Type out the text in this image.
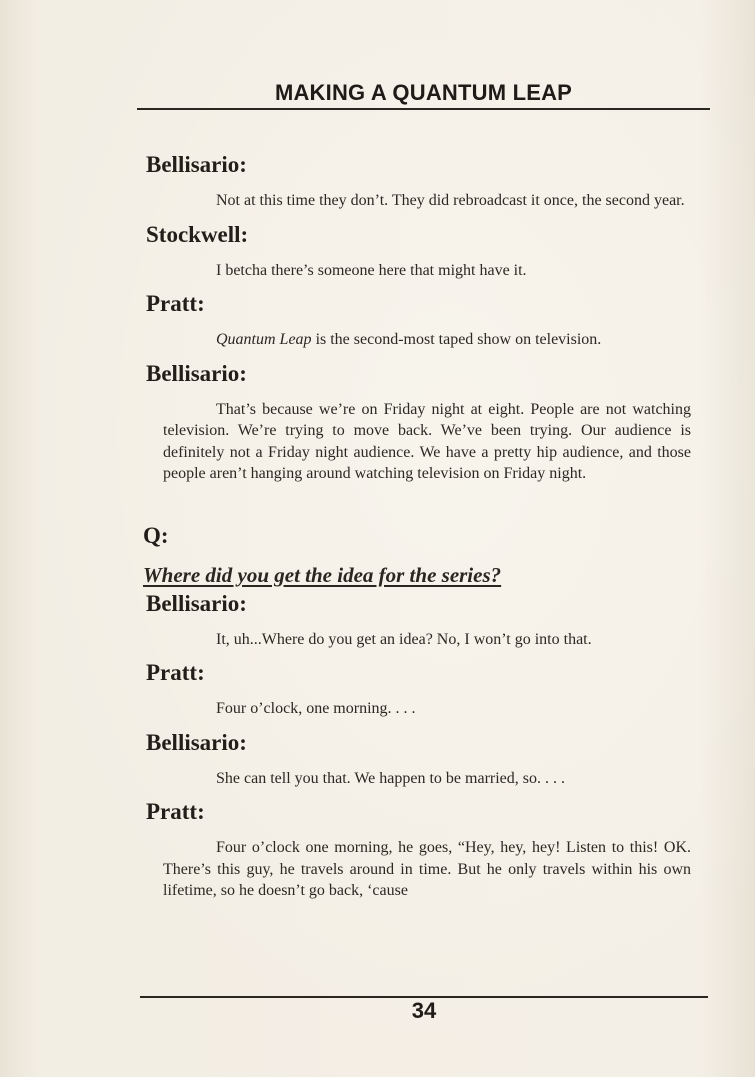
MAKING A QUANTUM LEAP
Bellisario:
Not at this time they don’t. They did rebroadcast it once, the second year.
Stockwell:
I betcha there’s someone here that might have it.
Pratt:
Quantum Leap is the second-most taped show on television.
Bellisario:
That’s because we’re on Friday night at eight. People are not watching television. We’re trying to move back. We’ve been trying. Our audience is definitely not a Friday night audience. We have a pretty hip audience, and those people aren’t hanging around watching television on Friday night.
Q:
Where did you get the idea for the series?
Bellisario:
It, uh...Where do you get an idea? No, I won’t go into that.
Pratt:
Four o’clock, one morning. . . .
Bellisario:
She can tell you that. We happen to be married, so. . . .
Pratt:
Four o’clock one morning, he goes, “Hey, hey, hey! Listen to this! OK. There’s this guy, he travels around in time. But he only travels within his own lifetime, so he doesn’t go back, ‘cause
34
